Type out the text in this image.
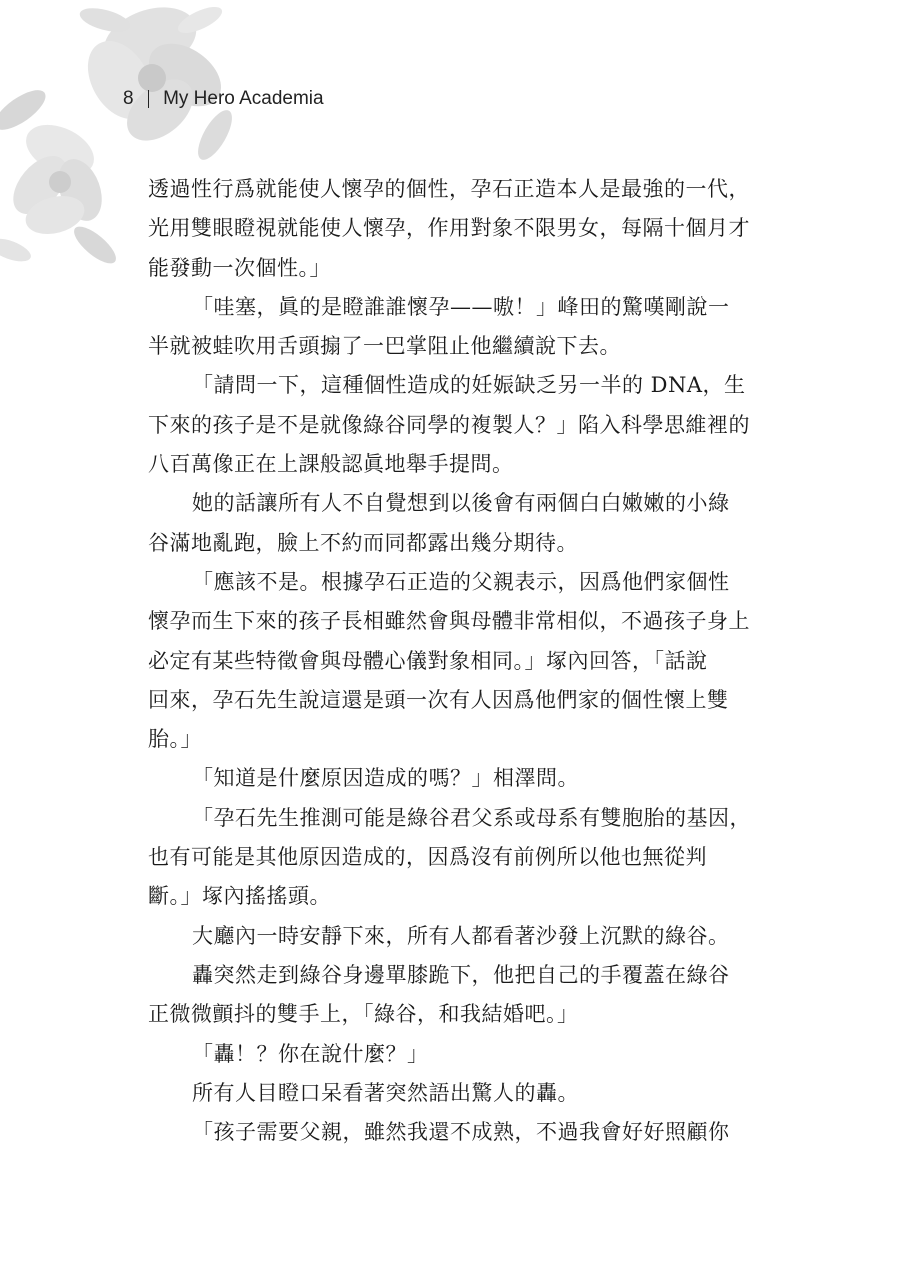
8 My Hero Academia

透過性行爲就能使人懷孕的個性，孕石正造本人是最強的一代，

光用雙眼瞪視就能使人懷孕，作用對象不限男女，每隔十個月才

能發動一次個性。」

「哇塞，眞的是瞪誰誰懷孕——嗷！」峰田的驚嘆剛說一

半就被蛙吹用舌頭搧了一巴掌阻止他繼續說下去。

「請問一下，這種個性造成的妊娠缺乏另一半的 DNA，生

下來的孩子是不是就像綠谷同學的複製人？」陷入科學思維裡的

八百萬像正在上課般認眞地舉手提問。

她的話讓所有人不自覺想到以後會有兩個白白嫩嫩的小綠

谷滿地亂跑，臉上不約而同都露出幾分期待。

「應該不是。根據孕石正造的父親表示，因爲他們家個性

懷孕而生下來的孩子長相雖然會與母體非常相似，不過孩子身上

必定有某些特徵會與母體心儀對象相同。」塚內回答，「話說

回來，孕石先生說這還是頭一次有人因爲他們家的個性懷上雙

胎。」

「知道是什麼原因造成的嗎？」相澤問。

「孕石先生推測可能是綠谷君父系或母系有雙胞胎的基因，

也有可能是其他原因造成的，因爲沒有前例所以他也無從判

斷。」塚內搖搖頭。

大廳內一時安靜下來，所有人都看著沙發上沉默的綠谷。

轟突然走到綠谷身邊單膝跪下，他把自己的手覆蓋在綠谷

正微微顫抖的雙手上，「綠谷，和我結婚吧。」

「轟！？你在說什麼？」

所有人目瞪口呆看著突然語出驚人的轟。

「孩子需要父親，雖然我還不成熟，不過我會好好照顧你
